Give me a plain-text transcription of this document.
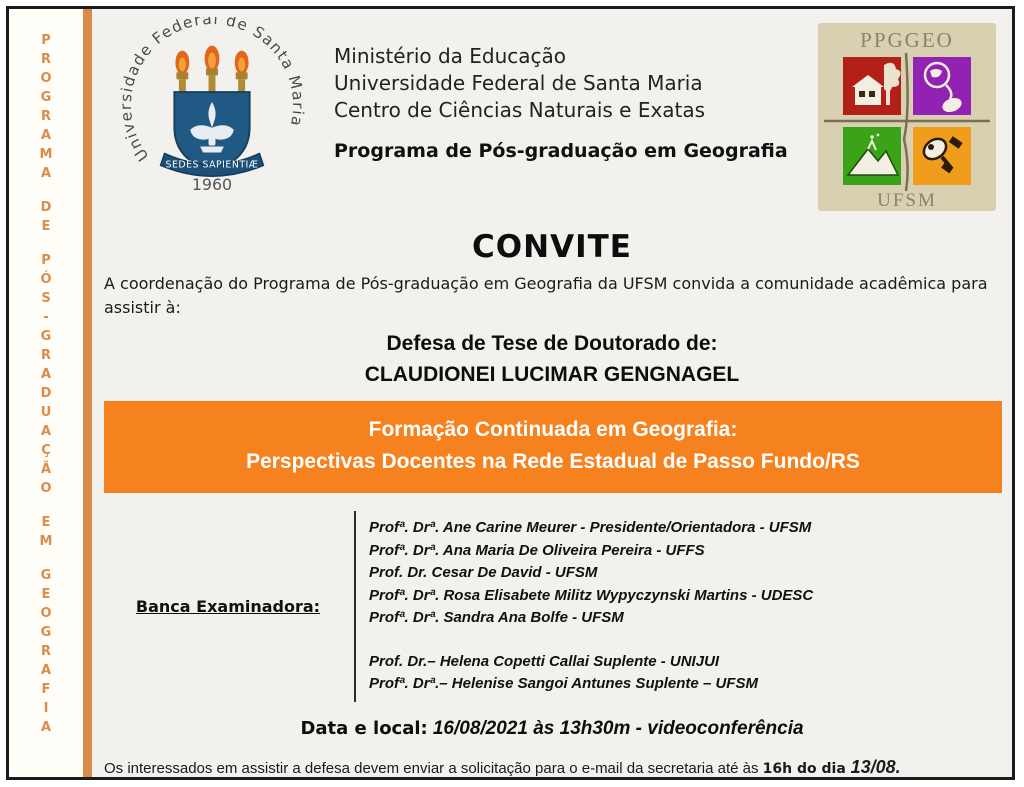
P
R
O
G
R
A
M
A
D
E
P
Ó
S
-
G
R
A
D
U
A
Ç
Ã
O
E
M
G
E
O
G
R
A
F
I
A
Universidade Federal de Santa Maria
SEDES SAPIENTIÆ
1960
Ministério da Educação
Universidade Federal de Santa Maria
Centro de Ciências Naturais e Exatas
Programa de Pós-graduação em Geografia
PPGGEO
UFSM
CONVITE
A coordenação do Programa de Pós-graduação em Geografia da UFSM convida a comunidade acadêmica para assistir à:
Defesa de Tese de Doutorado de:
CLAUDIONEI LUCIMAR GENGNAGEL
Formação Continuada em Geografia:
Perspectivas Docentes na Rede Estadual de Passo Fundo/RS
Banca Examinadora:
Profª. Drª. Ane Carine Meurer - Presidente/Orientadora - UFSM
Profª. Drª. Ana Maria De Oliveira Pereira - UFFS
Prof. Dr. Cesar De David - UFSM
Profª. Drª. Rosa Elisabete Militz Wypyczynski Martins - UDESC
Profª. Drª. Sandra Ana Bolfe - UFSM
Prof. Dr.– Helena Copetti Callai Suplente - UNIJUI
Profª. Drª.– Helenise Sangoi Antunes Suplente – UFSM
Data e local: 16/08/2021 às 13h30m - videoconferência
Os interessados em assistir a defesa devem enviar a solicitação para o e-mail da secretaria até às 16h do dia 13/08.
